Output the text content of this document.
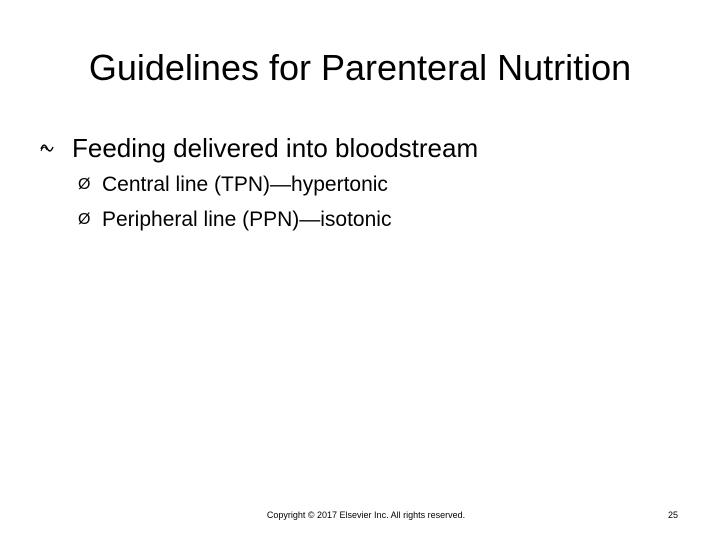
Guidelines for Parenteral Nutrition
Feeding delivered into bloodstream
Ø Central line (TPN)—hypertonic
Ø Peripheral line (PPN)—isotonic
Copyright © 2017 Elsevier Inc. All rights reserved.	25
